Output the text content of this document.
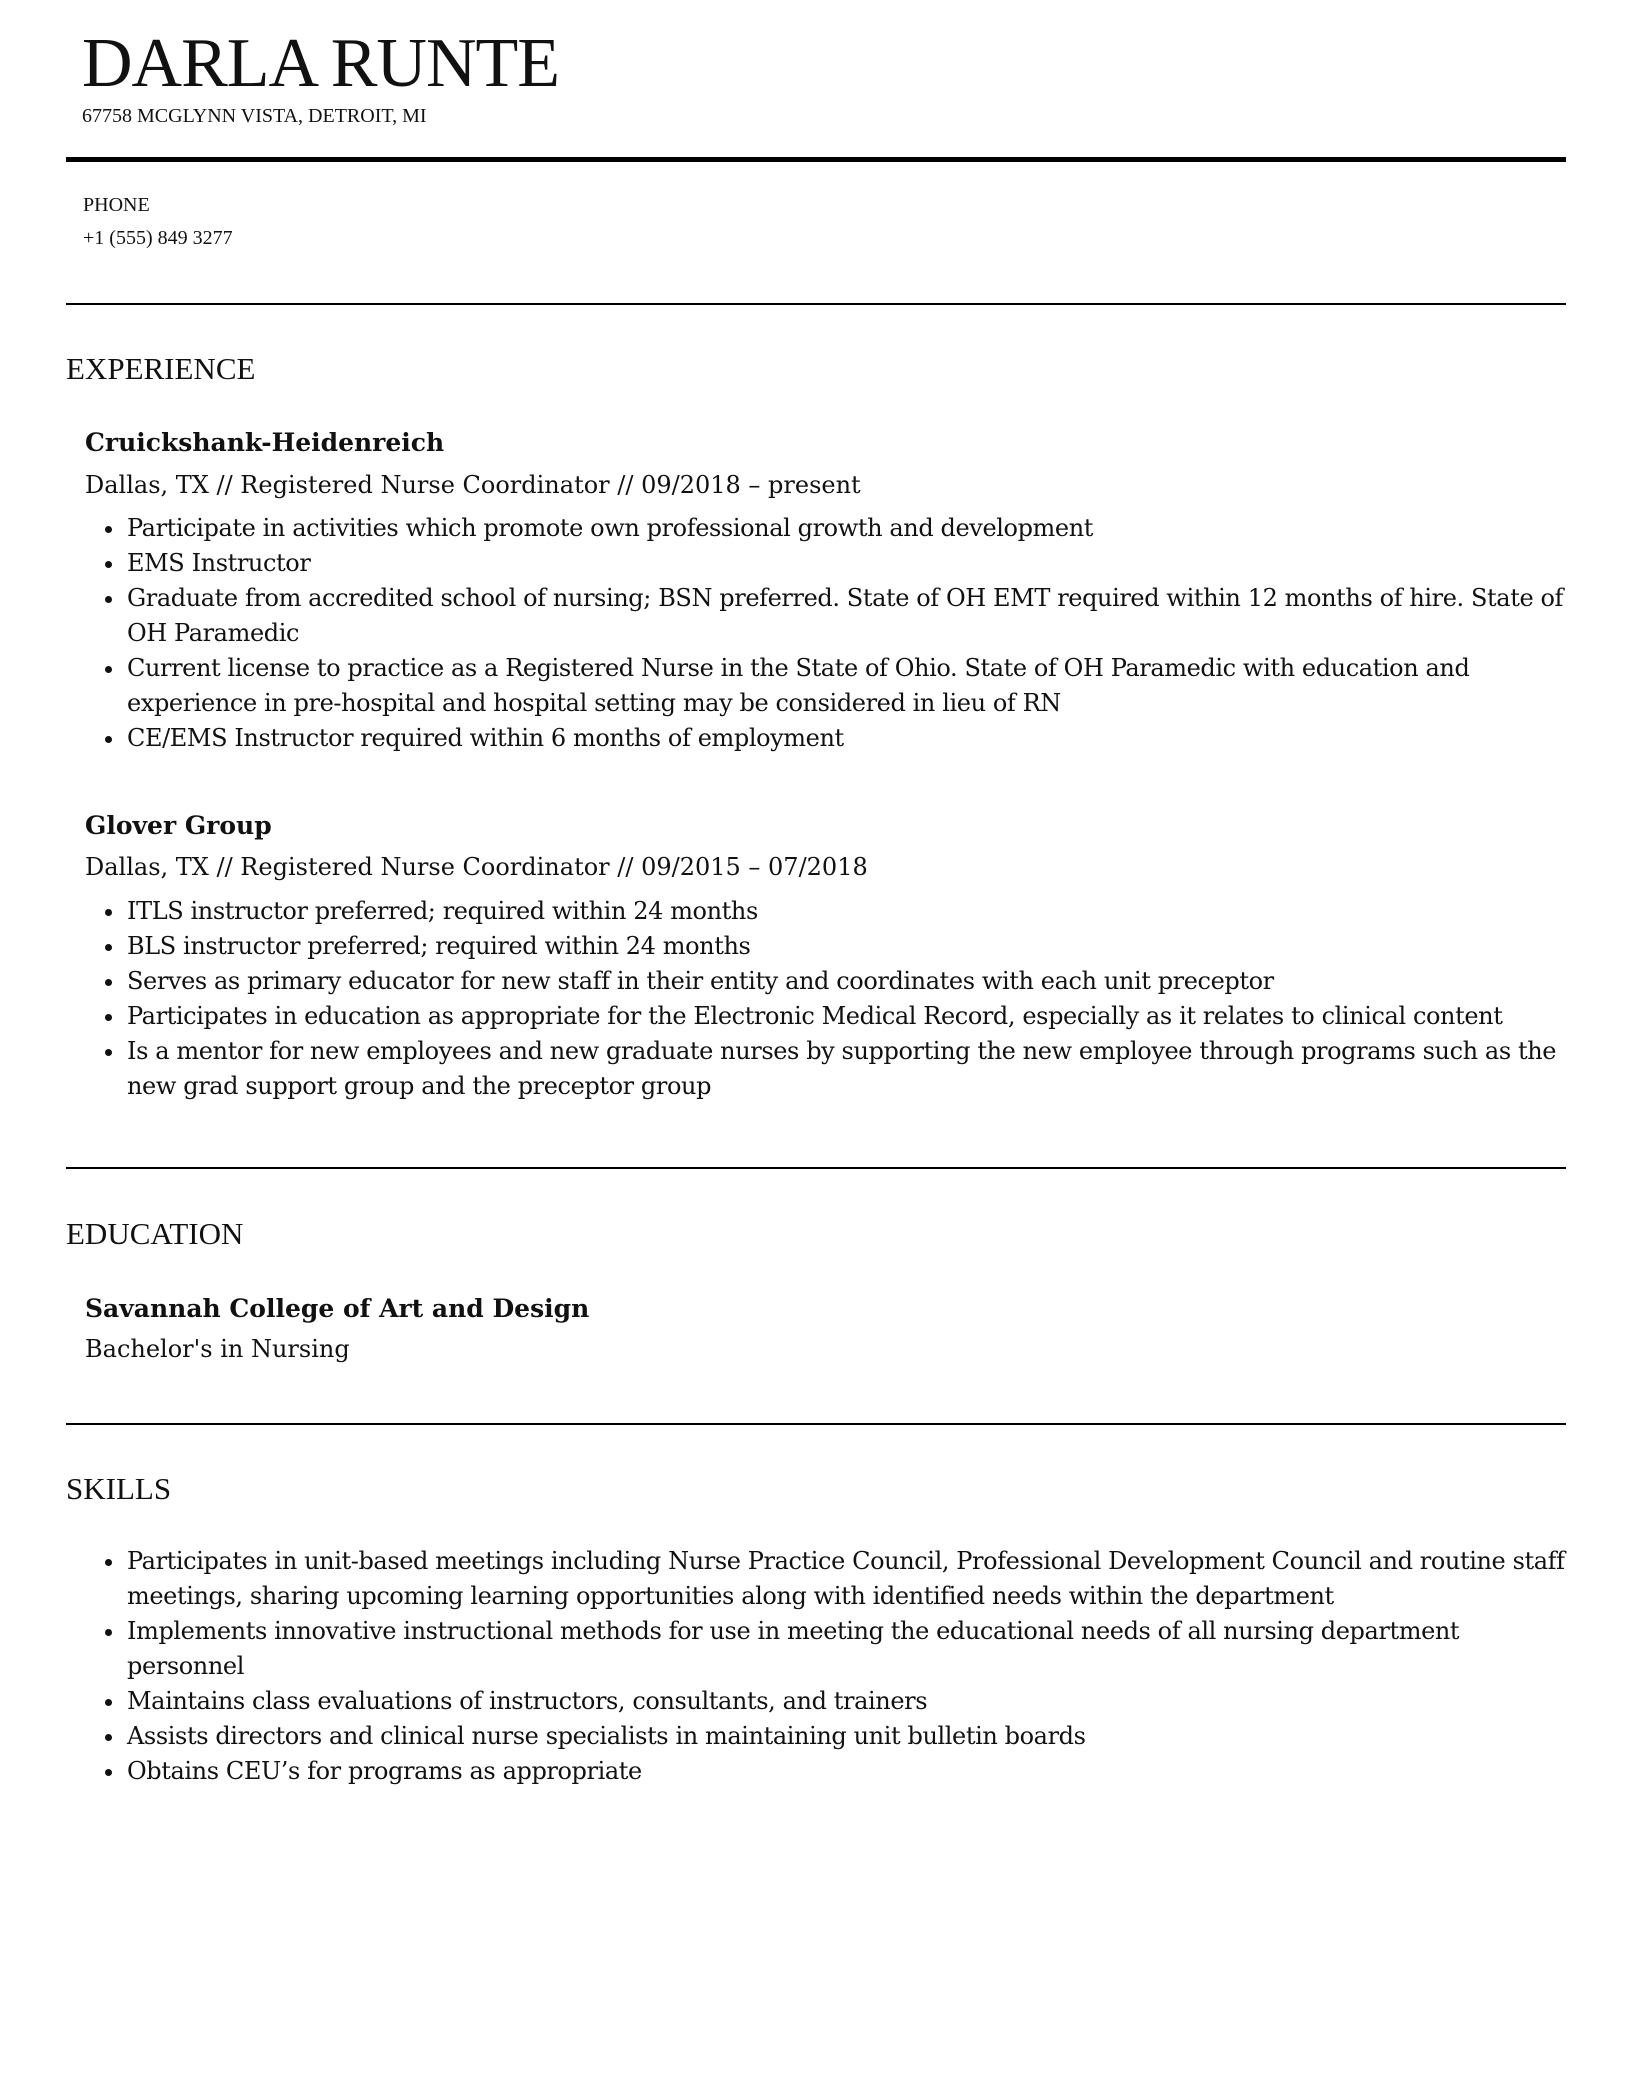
DARLA RUNTE
67758 MCGLYNN VISTA, DETROIT, MI
PHONE
+1 (555) 849 3277
EXPERIENCE
Cruickshank-Heidenreich
Dallas, TX // Registered Nurse Coordinator // 09/2018 – present
Participate in activities which promote own professional growth and development
EMS Instructor
Graduate from accredited school of nursing; BSN preferred. State of OH EMT required within 12 months of hire. State of OH Paramedic
Current license to practice as a Registered Nurse in the State of Ohio. State of OH Paramedic with education and experience in pre-hospital and hospital setting may be considered in lieu of RN
CE/EMS Instructor required within 6 months of employment
Glover Group
Dallas, TX // Registered Nurse Coordinator // 09/2015 – 07/2018
ITLS instructor preferred; required within 24 months
BLS instructor preferred; required within 24 months
Serves as primary educator for new staff in their entity and coordinates with each unit preceptor
Participates in education as appropriate for the Electronic Medical Record, especially as it relates to clinical content
Is a mentor for new employees and new graduate nurses by supporting the new employee through programs such as the new grad support group and the preceptor group
EDUCATION
Savannah College of Art and Design
Bachelor's in Nursing
SKILLS
Participates in unit-based meetings including Nurse Practice Council, Professional Development Council and routine staff meetings, sharing upcoming learning opportunities along with identified needs within the department
Implements innovative instructional methods for use in meeting the educational needs of all nursing department personnel
Maintains class evaluations of instructors, consultants, and trainers
Assists directors and clinical nurse specialists in maintaining unit bulletin boards
Obtains CEU’s for programs as appropriate
